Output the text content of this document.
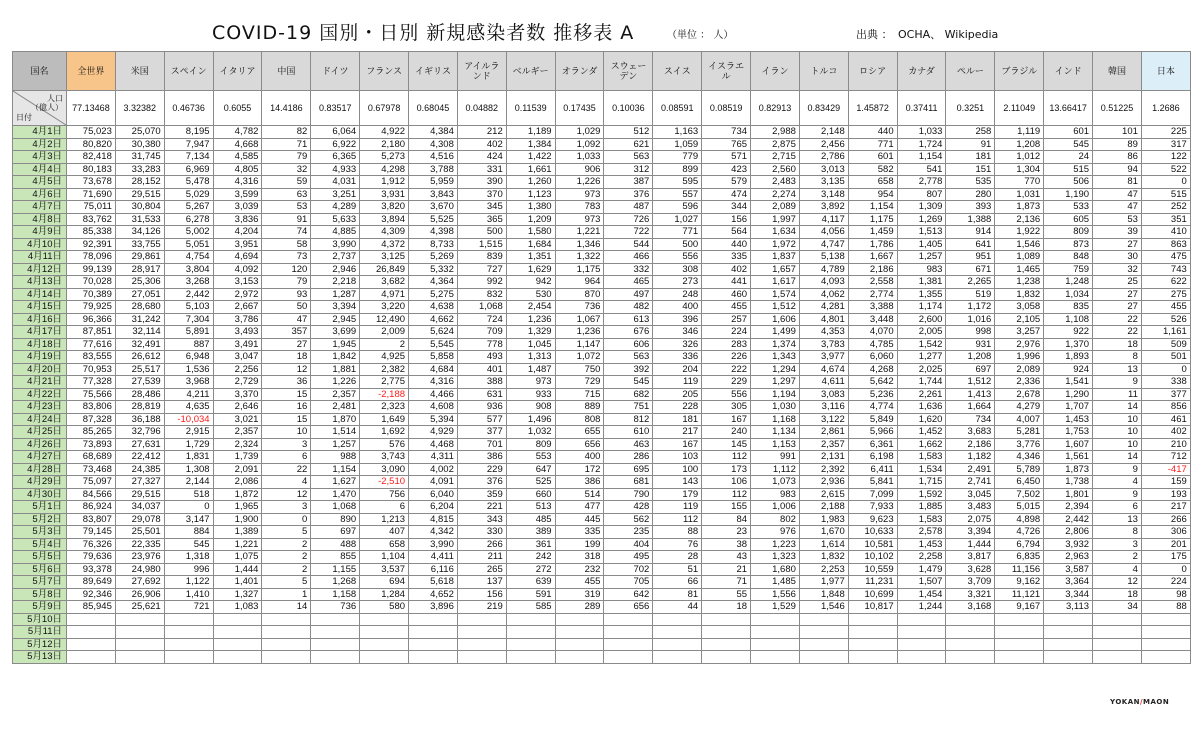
COVID-19 国別・日別 新規感染者数 推移表 A	（単位 ： 人）	出典 ：　OCHA、 Wikipedia
国名	全世界	米国	スペイン	イタリア	中国	ドイツ	フランス	イギリス	アイルランド	ベルギー	オランダ	スウェーデン	スイス	イスラエル	イラン	トルコ	ロシア	カナダ	ペルー	ブラジル	インド	韓国	日本

人口
（億人）
日付	77.13468	3.32382	0.46736	0.6055	14.4186	0.83517	0.67978	0.68045	0.04882	0.11539	0.17435	0.10036	0.08591	0.08519	0.82913	0.83429	1.45872	0.37411	0.3251	2.11049	13.66417	0.51225	1.2686
4月1日	75,023	25,070	8,195	4,782	82	6,064	4,922	4,384	212	1,189	1,029	512	1,163	734	2,988	2,148	440	1,033	258	1,119	601	101	225
4月2日	80,820	30,380	7,947	4,668	71	6,922	2,180	4,308	402	1,384	1,092	621	1,059	765	2,875	2,456	771	1,724	91	1,208	545	89	317
4月3日	82,418	31,745	7,134	4,585	79	6,365	5,273	4,516	424	1,422	1,033	563	779	571	2,715	2,786	601	1,154	181	1,012	24	86	122
4月4日	80,183	33,283	6,969	4,805	32	4,933	4,298	3,788	331	1,661	906	312	899	423	2,560	3,013	582	541	151	1,304	515	94	522
4月5日	73,678	28,152	5,478	4,316	59	4,031	1,912	5,959	390	1,260	1,226	387	595	579	2,483	3,135	658	2,778	535	770	506	81	0
4月6日	71,690	29,515	5,029	3,599	63	3,251	3,931	3,843	370	1,123	973	376	557	474	2,274	3,148	954	807	280	1,031	1,190	47	515
4月7日	75,011	30,804	5,267	3,039	53	4,289	3,820	3,670	345	1,380	783	487	596	344	2,089	3,892	1,154	1,309	393	1,873	533	47	252
4月8日	83,762	31,533	6,278	3,836	91	5,633	3,894	5,525	365	1,209	973	726	1,027	156	1,997	4,117	1,175	1,269	1,388	2,136	605	53	351
4月9日	85,338	34,126	5,002	4,204	74	4,885	4,309	4,398	500	1,580	1,221	722	771	564	1,634	4,056	1,459	1,513	914	1,922	809	39	410
4月10日	92,391	33,755	5,051	3,951	58	3,990	4,372	8,733	1,515	1,684	1,346	544	500	440	1,972	4,747	1,786	1,405	641	1,546	873	27	863
4月11日	78,096	29,861	4,754	4,694	73	2,737	3,125	5,269	839	1,351	1,322	466	556	335	1,837	5,138	1,667	1,257	951	1,089	848	30	475
4月12日	99,139	28,917	3,804	4,092	120	2,946	26,849	5,332	727	1,629	1,175	332	308	402	1,657	4,789	2,186	983	671	1,465	759	32	743
4月13日	70,028	25,306	3,268	3,153	79	2,218	3,682	4,364	992	942	964	465	273	441	1,617	4,093	2,558	1,381	2,265	1,238	1,248	25	622
4月14日	70,389	27,051	2,442	2,972	93	1,287	4,971	5,275	832	530	870	497	248	460	1,574	4,062	2,774	1,355	519	1,832	1,034	27	275
4月15日	79,925	28,680	5,103	2,667	50	3,394	3,220	4,638	1,068	2,454	736	482	400	455	1,512	4,281	3,388	1,174	1,172	3,058	835	27	455
4月16日	96,366	31,242	7,304	3,786	47	2,945	12,490	4,662	724	1,236	1,067	613	396	257	1,606	4,801	3,448	2,600	1,016	2,105	1,108	22	526
4月17日	87,851	32,114	5,891	3,493	357	3,699	2,009	5,624	709	1,329	1,236	676	346	224	1,499	4,353	4,070	2,005	998	3,257	922	22	1,161
4月18日	77,616	32,491	887	3,491	27	1,945	2	5,545	778	1,045	1,147	606	326	283	1,374	3,783	4,785	1,542	931	2,976	1,370	18	509
4月19日	83,555	26,612	6,948	3,047	18	1,842	4,925	5,858	493	1,313	1,072	563	336	226	1,343	3,977	6,060	1,277	1,208	1,996	1,893	8	501
4月20日	70,953	25,517	1,536	2,256	12	1,881	2,382	4,684	401	1,487	750	392	204	222	1,294	4,674	4,268	2,025	697	2,089	924	13	0
4月21日	77,328	27,539	3,968	2,729	36	1,226	2,775	4,316	388	973	729	545	119	229	1,297	4,611	5,642	1,744	1,512	2,336	1,541	9	338
4月22日	75,566	28,486	4,211	3,370	15	2,357	-2,188	4,466	631	933	715	682	205	556	1,194	3,083	5,236	2,261	1,413	2,678	1,290	11	377
4月23日	83,806	28,819	4,635	2,646	16	2,481	2,323	4,608	936	908	889	751	228	305	1,030	3,116	4,774	1,636	1,664	4,279	1,707	14	856
4月24日	87,328	36,188	-10,034	3,021	15	1,870	1,649	5,394	577	1,496	808	812	181	167	1,168	3,122	5,849	1,620	734	4,007	1,453	10	461
4月25日	85,265	32,796	2,915	2,357	10	1,514	1,692	4,929	377	1,032	655	610	217	240	1,134	2,861	5,966	1,452	3,683	5,281	1,753	10	402
4月26日	73,893	27,631	1,729	2,324	3	1,257	576	4,468	701	809	656	463	167	145	1,153	2,357	6,361	1,662	2,186	3,776	1,607	10	210
4月27日	68,689	22,412	1,831	1,739	6	988	3,743	4,311	386	553	400	286	103	112	991	2,131	6,198	1,583	1,182	4,346	1,561	14	712
4月28日	73,468	24,385	1,308	2,091	22	1,154	3,090	4,002	229	647	172	695	100	173	1,112	2,392	6,411	1,534	2,491	5,789	1,873	9	-417
4月29日	75,097	27,327	2,144	2,086	4	1,627	-2,510	4,091	376	525	386	681	143	106	1,073	2,936	5,841	1,715	2,741	6,450	1,738	4	159
4月30日	84,566	29,515	518	1,872	12	1,470	756	6,040	359	660	514	790	179	112	983	2,615	7,099	1,592	3,045	7,502	1,801	9	193
5月1日	86,924	34,037	0	1,965	3	1,068	6	6,204	221	513	477	428	119	155	1,006	2,188	7,933	1,885	3,483	5,015	2,394	6	217
5月2日	83,807	29,078	3,147	1,900	0	890	1,213	4,815	343	485	445	562	112	84	802	1,983	9,623	1,583	2,075	4,898	2,442	13	266
5月3日	79,145	25,501	884	1,389	5	697	407	4,342	330	389	335	235	88	23	976	1,670	10,633	2,578	3,394	4,726	2,806	8	306
5月4日	76,326	22,335	545	1,221	2	488	658	3,990	266	361	199	404	76	38	1,223	1,614	10,581	1,453	1,444	6,794	3,932	3	201
5月5日	79,636	23,976	1,318	1,075	2	855	1,104	4,411	211	242	318	495	28	43	1,323	1,832	10,102	2,258	3,817	6,835	2,963	2	175
5月6日	93,378	24,980	996	1,444	2	1,155	3,537	6,116	265	272	232	702	51	21	1,680	2,253	10,559	1,479	3,628	11,156	3,587	4	0
5月7日	89,649	27,692	1,122	1,401	5	1,268	694	5,618	137	639	455	705	66	71	1,485	1,977	11,231	1,507	3,709	9,162	3,364	12	224
5月8日	92,346	26,906	1,410	1,327	1	1,158	1,284	4,652	156	591	319	642	81	55	1,556	1,848	10,699	1,454	3,321	11,121	3,344	18	98
5月9日	85,945	25,621	721	1,083	14	736	580	3,896	219	585	289	656	44	18	1,529	1,546	10,817	1,244	3,168	9,167	3,113	34	88
5月10日																							
5月11日																							
5月12日																							
5月13日																							
YOKAN/MAON
